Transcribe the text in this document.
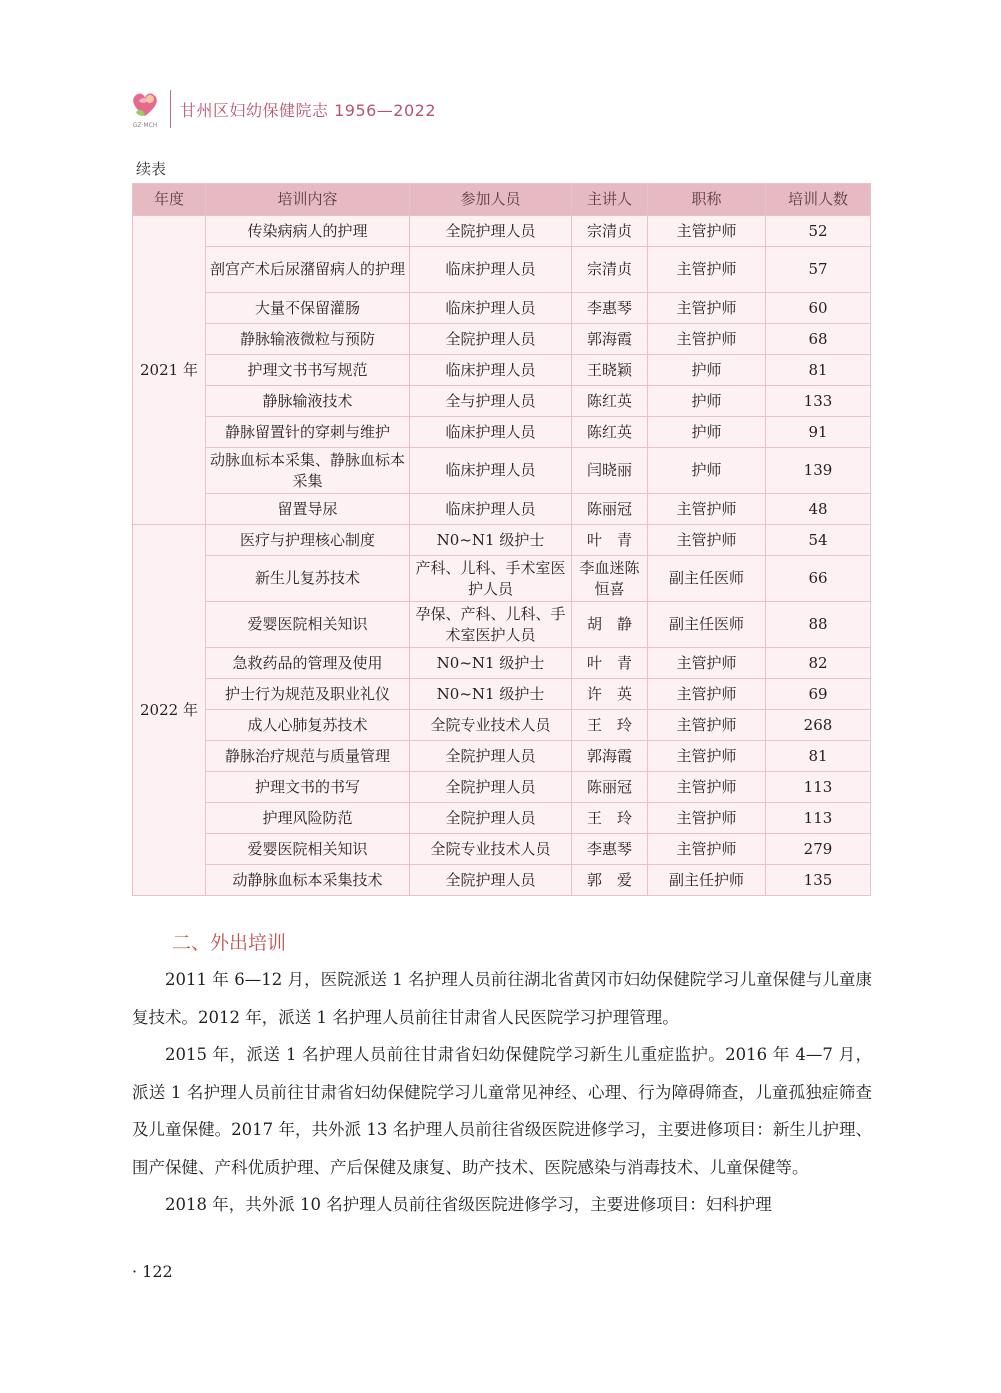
GZ·MCH
甘州区妇幼保健院志 1956—2022
续表
年度	培训内容	参加人员	主讲人	职称	培训人数
2021 年	传染病病人的护理	全院护理人员	宗清贞	主管护师	52
	剖宫产术后尿潴留病人的护理	临床护理人员	宗清贞	主管护师	57
	大量不保留灌肠	临床护理人员	李惠琴	主管护师	60
	静脉输液微粒与预防	全院护理人员	郭海霞	主管护师	68
	护理文书书写规范	临床护理人员	王晓颖	护师	81
	静脉输液技术	全与护理人员	陈红英	护师	133
	静脉留置针的穿刺与维护	临床护理人员	陈红英	护师	91
	动脉血标本采集、静脉血标本采集	临床护理人员	闫晓丽	护师	139
	留置导尿	临床护理人员	陈丽冠	主管护师	48
2022 年	医疗与护理核心制度	N0~N1 级护士	叶　青	主管护师	54
	新生儿复苏技术	产科、儿科、手术室医护人员	李血迷陈恒喜	副主任医师	66
	爱婴医院相关知识	孕保、产科、儿科、手术室医护人员	胡　静	副主任医师	88
	急救药品的管理及使用	N0~N1 级护士	叶　青	主管护师	82
	护士行为规范及职业礼仪	N0~N1 级护士	许　英	主管护师	69
	成人心肺复苏技术	全院专业技术人员	王　玲	主管护师	268
	静脉治疗规范与质量管理	全院护理人员	郭海霞	主管护师	81
	护理文书的书写	全院护理人员	陈丽冠	主管护师	113
	护理风险防范	全院护理人员	王　玲	主管护师	113
	爱婴医院相关知识	全院专业技术人员	李惠琴	主管护师	279
	动静脉血标本采集技术	全院护理人员	郭　爱	副主任护师	135
二、外出培训

2011 年 6—12 月，医院派送 1 名护理人员前往湖北省黄冈市妇幼保健院学习儿童保健与儿童康复技术。2012 年，派送 1 名护理人员前往甘肃省人民医院学习护理管理。

2015 年，派送 1 名护理人员前往甘肃省妇幼保健院学习新生儿重症监护。2016 年 4—7 月，派送 1 名护理人员前往甘肃省妇幼保健院学习儿童常见神经、心理、行为障碍筛查，儿童孤独症筛查及儿童保健。2017 年，共外派 13 名护理人员前往省级医院进修学习，主要进修项目：新生儿护理、围产保健、产科优质护理、产后保健及康复、助产技术、医院感染与消毒技术、儿童保健等。

2018 年，共外派 10 名护理人员前往省级医院进修学习，主要进修项目：妇科护理

· 122
